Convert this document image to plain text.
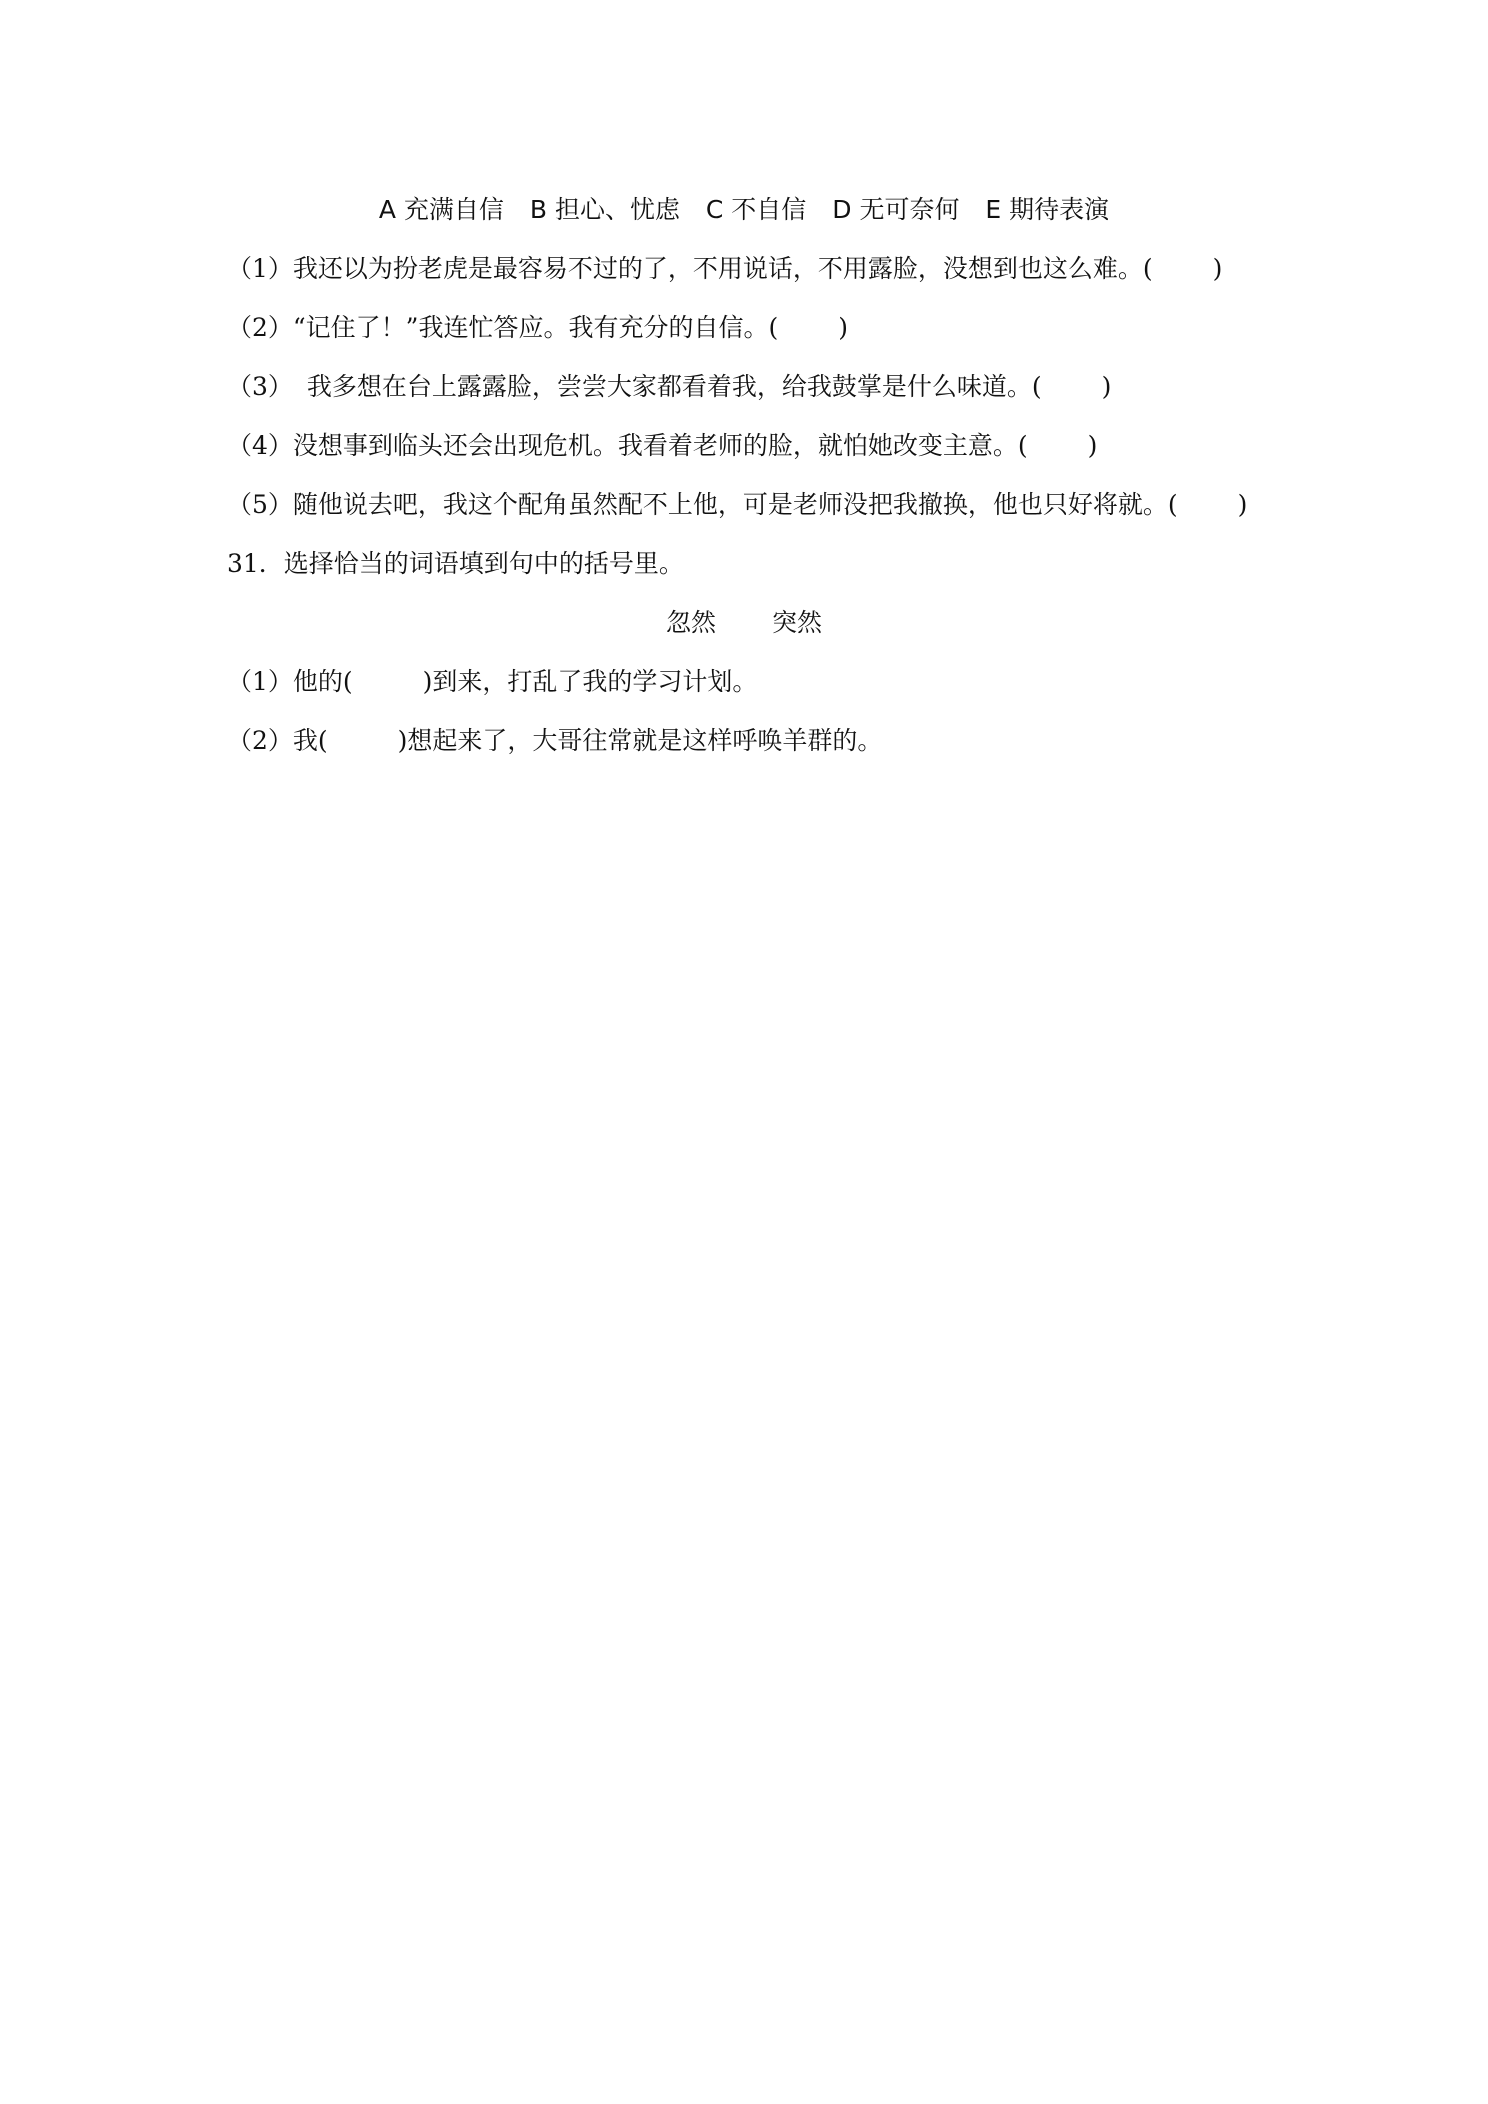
A 充满自信 B 担心、忧虑 C 不自信 D 无可奈何 E 期待表演
（1）我还以为扮老虎是最容易不过的了，不用说话，不用露脸，没想到也这么难。( )
（2）“记住了！”我连忙答应。我有充分的自信。( )
（3） 我多想在台上露露脸，尝尝大家都看着我，给我鼓掌是什么味道。( )
（4）没想事到临头还会出现危机。我看着老师的脸，就怕她改变主意。( )
（5）随他说去吧，我这个配角虽然配不上他，可是老师没把我撤换，他也只好将就。( )
31．选择恰当的词语填到句中的括号里。
忽然 突然
（1）他的(	)到来，打乱了我的学习计划。
（2）我(	)想起来了，大哥往常就是这样呼唤羊群的。
